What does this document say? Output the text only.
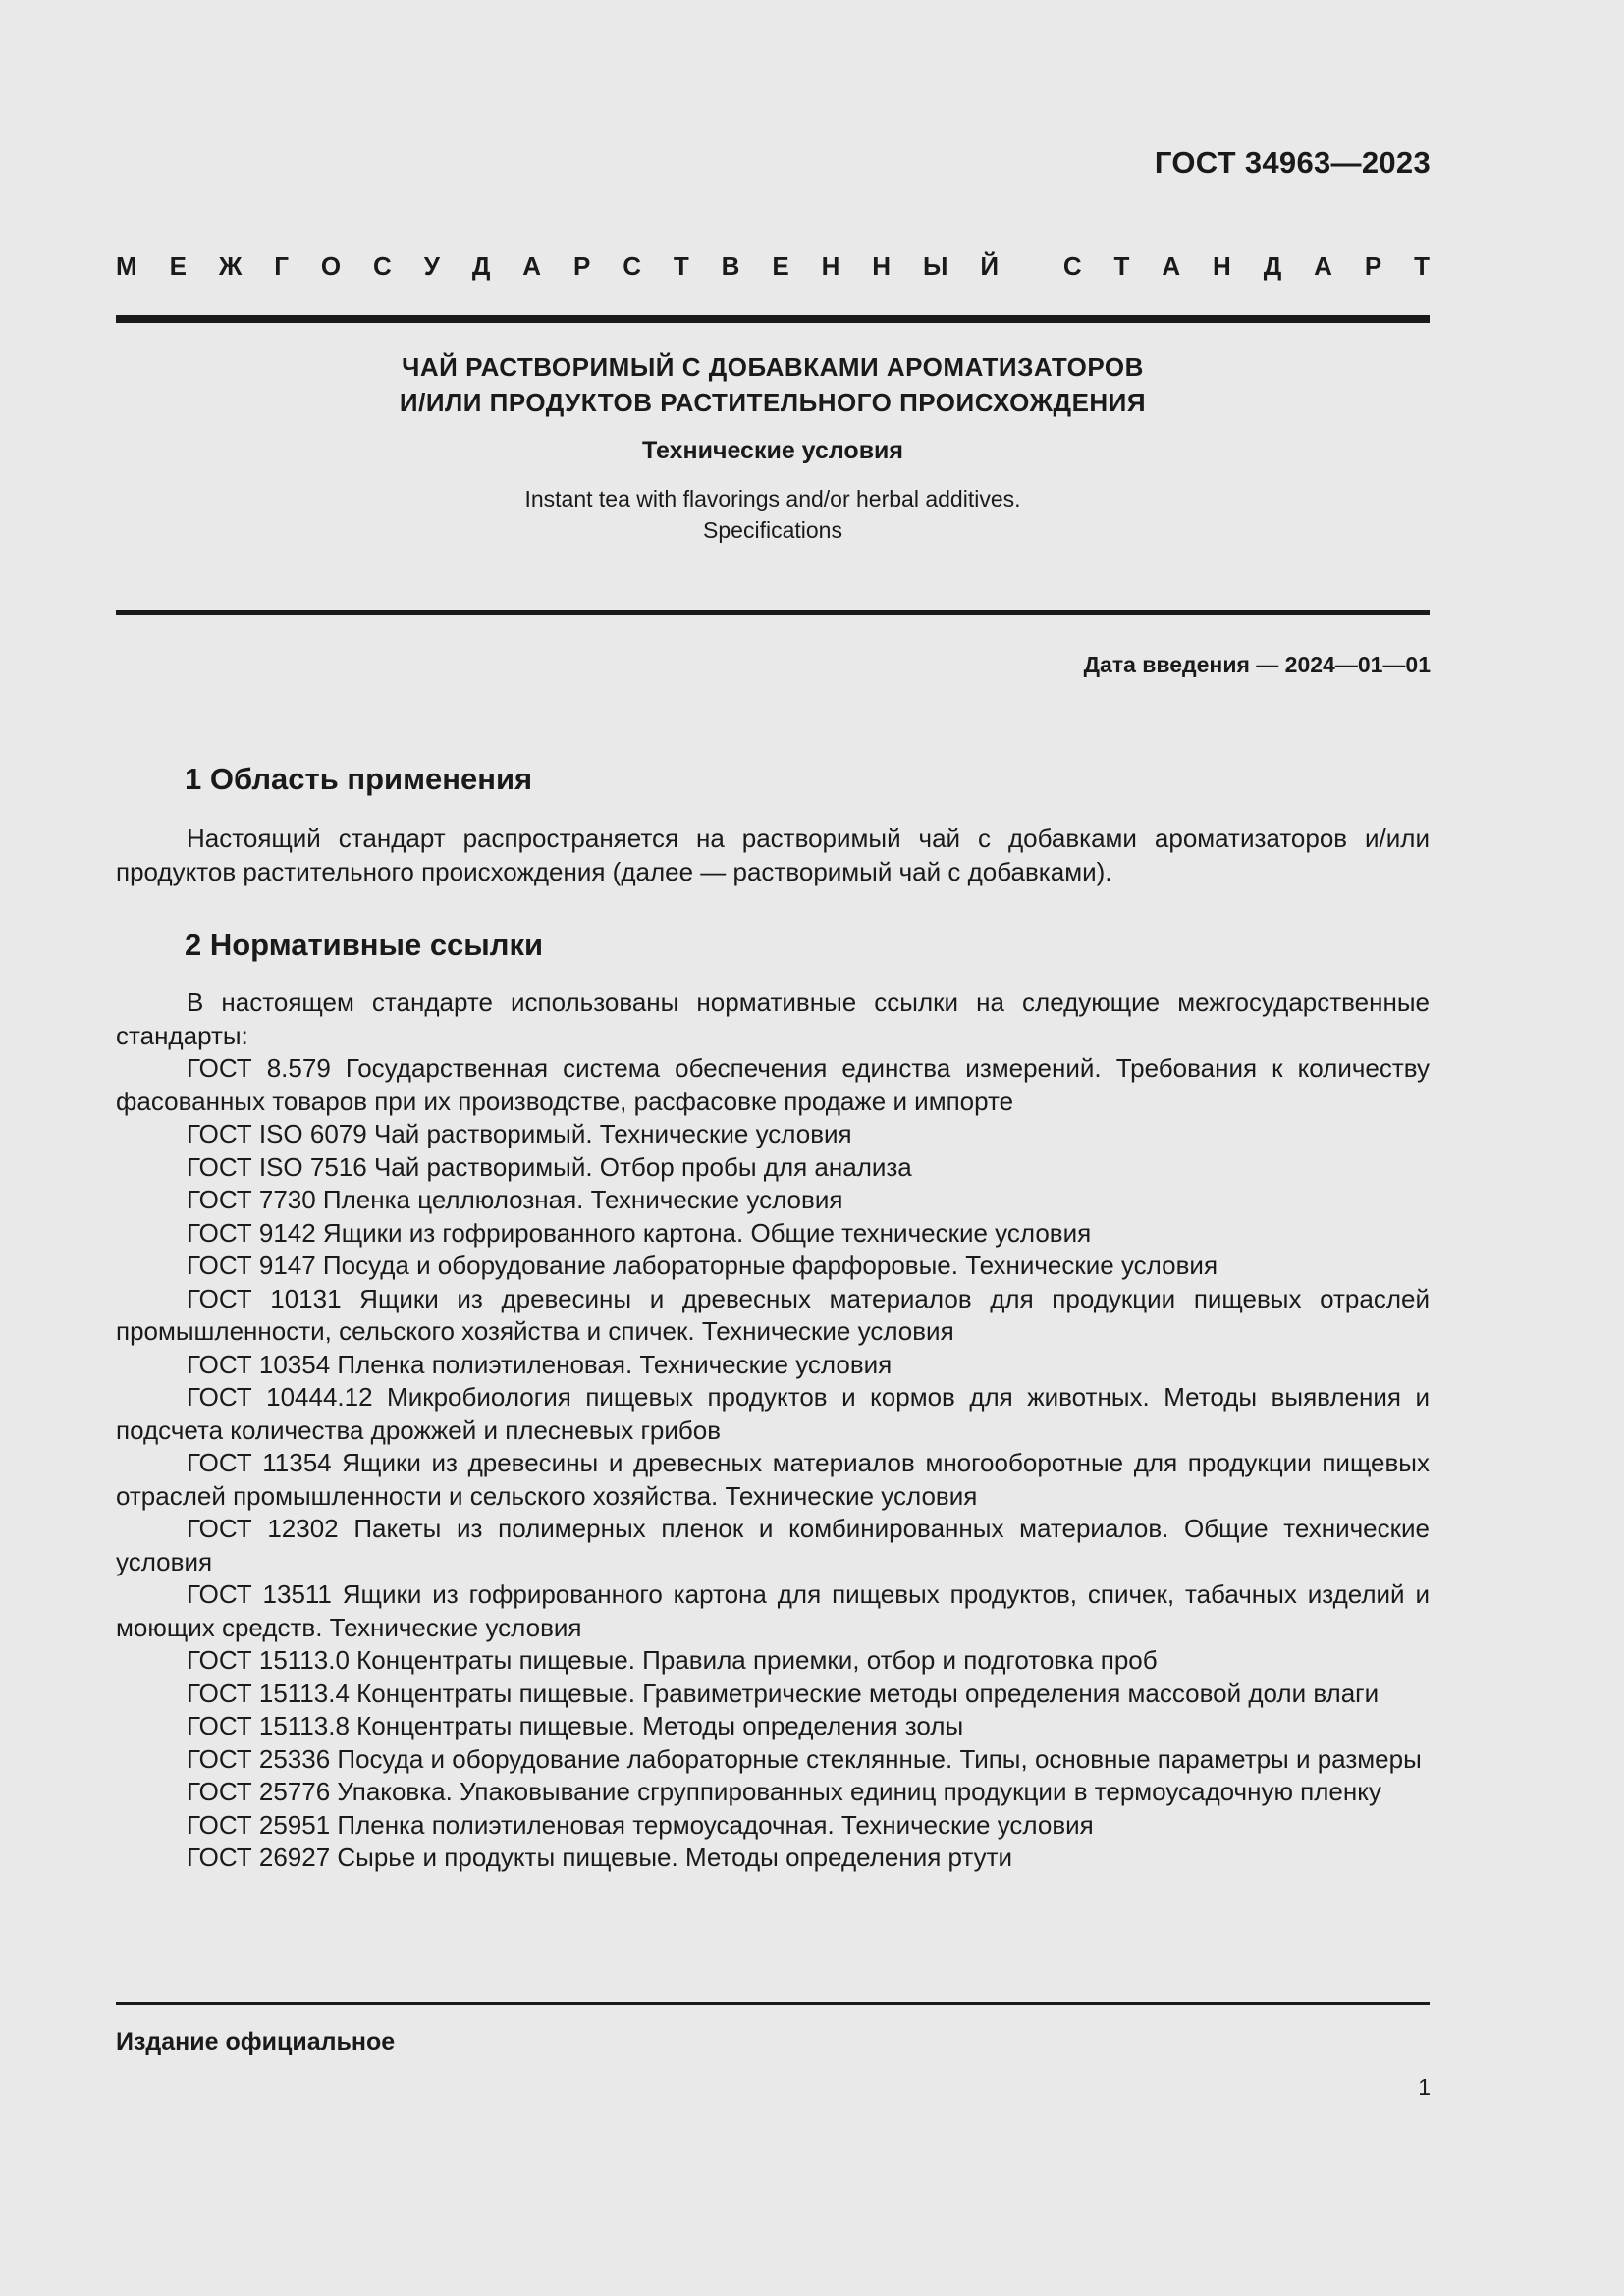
ГОСТ 34963—2023
М Е Ж Г О С У Д А Р С Т В Е Н Н Ы Й	С Т А Н Д А Р Т
ЧАЙ РАСТВОРИМЫЙ С ДОБАВКАМИ АРОМАТИЗАТОРОВ
И/ИЛИ ПРОДУКТОВ РАСТИТЕЛЬНОГО ПРОИСХОЖДЕНИЯ
Технические условия
Instant tea with flavorings and/or herbal additives.
Specifications
Дата введения — 2024—01—01
1 Область применения

Настоящий стандарт распространяется на растворимый чай с добавками ароматизаторов и/или продуктов растительного происхождения (далее — растворимый чай с добавками).

2 Нормативные ссылки

В настоящем стандарте использованы нормативные ссылки на следующие межгосударственные стандарты:

ГОСТ 8.579 Государственная система обеспечения единства измерений. Требования к количеству фасованных товаров при их производстве, расфасовке продаже и импорте

ГОСТ ISO 6079 Чай растворимый. Технические условия

ГОСТ ISO 7516 Чай растворимый. Отбор пробы для анализа

ГОСТ 7730 Пленка целлюлозная. Технические условия

ГОСТ 9142 Ящики из гофрированного картона. Общие технические условия

ГОСТ 9147 Посуда и оборудование лабораторные фарфоровые. Технические условия

ГОСТ 10131 Ящики из древесины и древесных материалов для продукции пищевых отраслей промышленности, сельского хозяйства и спичек. Технические условия

ГОСТ 10354 Пленка полиэтиленовая. Технические условия

ГОСТ 10444.12 Микробиология пищевых продуктов и кормов для животных. Методы выявления и подсчета количества дрожжей и плесневых грибов

ГОСТ 11354 Ящики из древесины и древесных материалов многооборотные для продукции пищевых отраслей промышленности и сельского хозяйства. Технические условия

ГОСТ 12302 Пакеты из полимерных пленок и комбинированных материалов. Общие технические условия

ГОСТ 13511 Ящики из гофрированного картона для пищевых продуктов, спичек, табачных изделий и моющих средств. Технические условия

ГОСТ 15113.0 Концентраты пищевые. Правила приемки, отбор и подготовка проб

ГОСТ 15113.4 Концентраты пищевые. Гравиметрические методы определения массовой доли влаги

ГОСТ 15113.8 Концентраты пищевые. Методы определения золы

ГОСТ 25336 Посуда и оборудование лабораторные стеклянные. Типы, основные параметры и размеры

ГОСТ 25776 Упаковка. Упаковывание сгруппированных единиц продукции в термоусадочную пленку

ГОСТ 25951 Пленка полиэтиленовая термоусадочная. Технические условия

ГОСТ 26927 Сырье и продукты пищевые. Методы определения ртути

Издание официальное
1
